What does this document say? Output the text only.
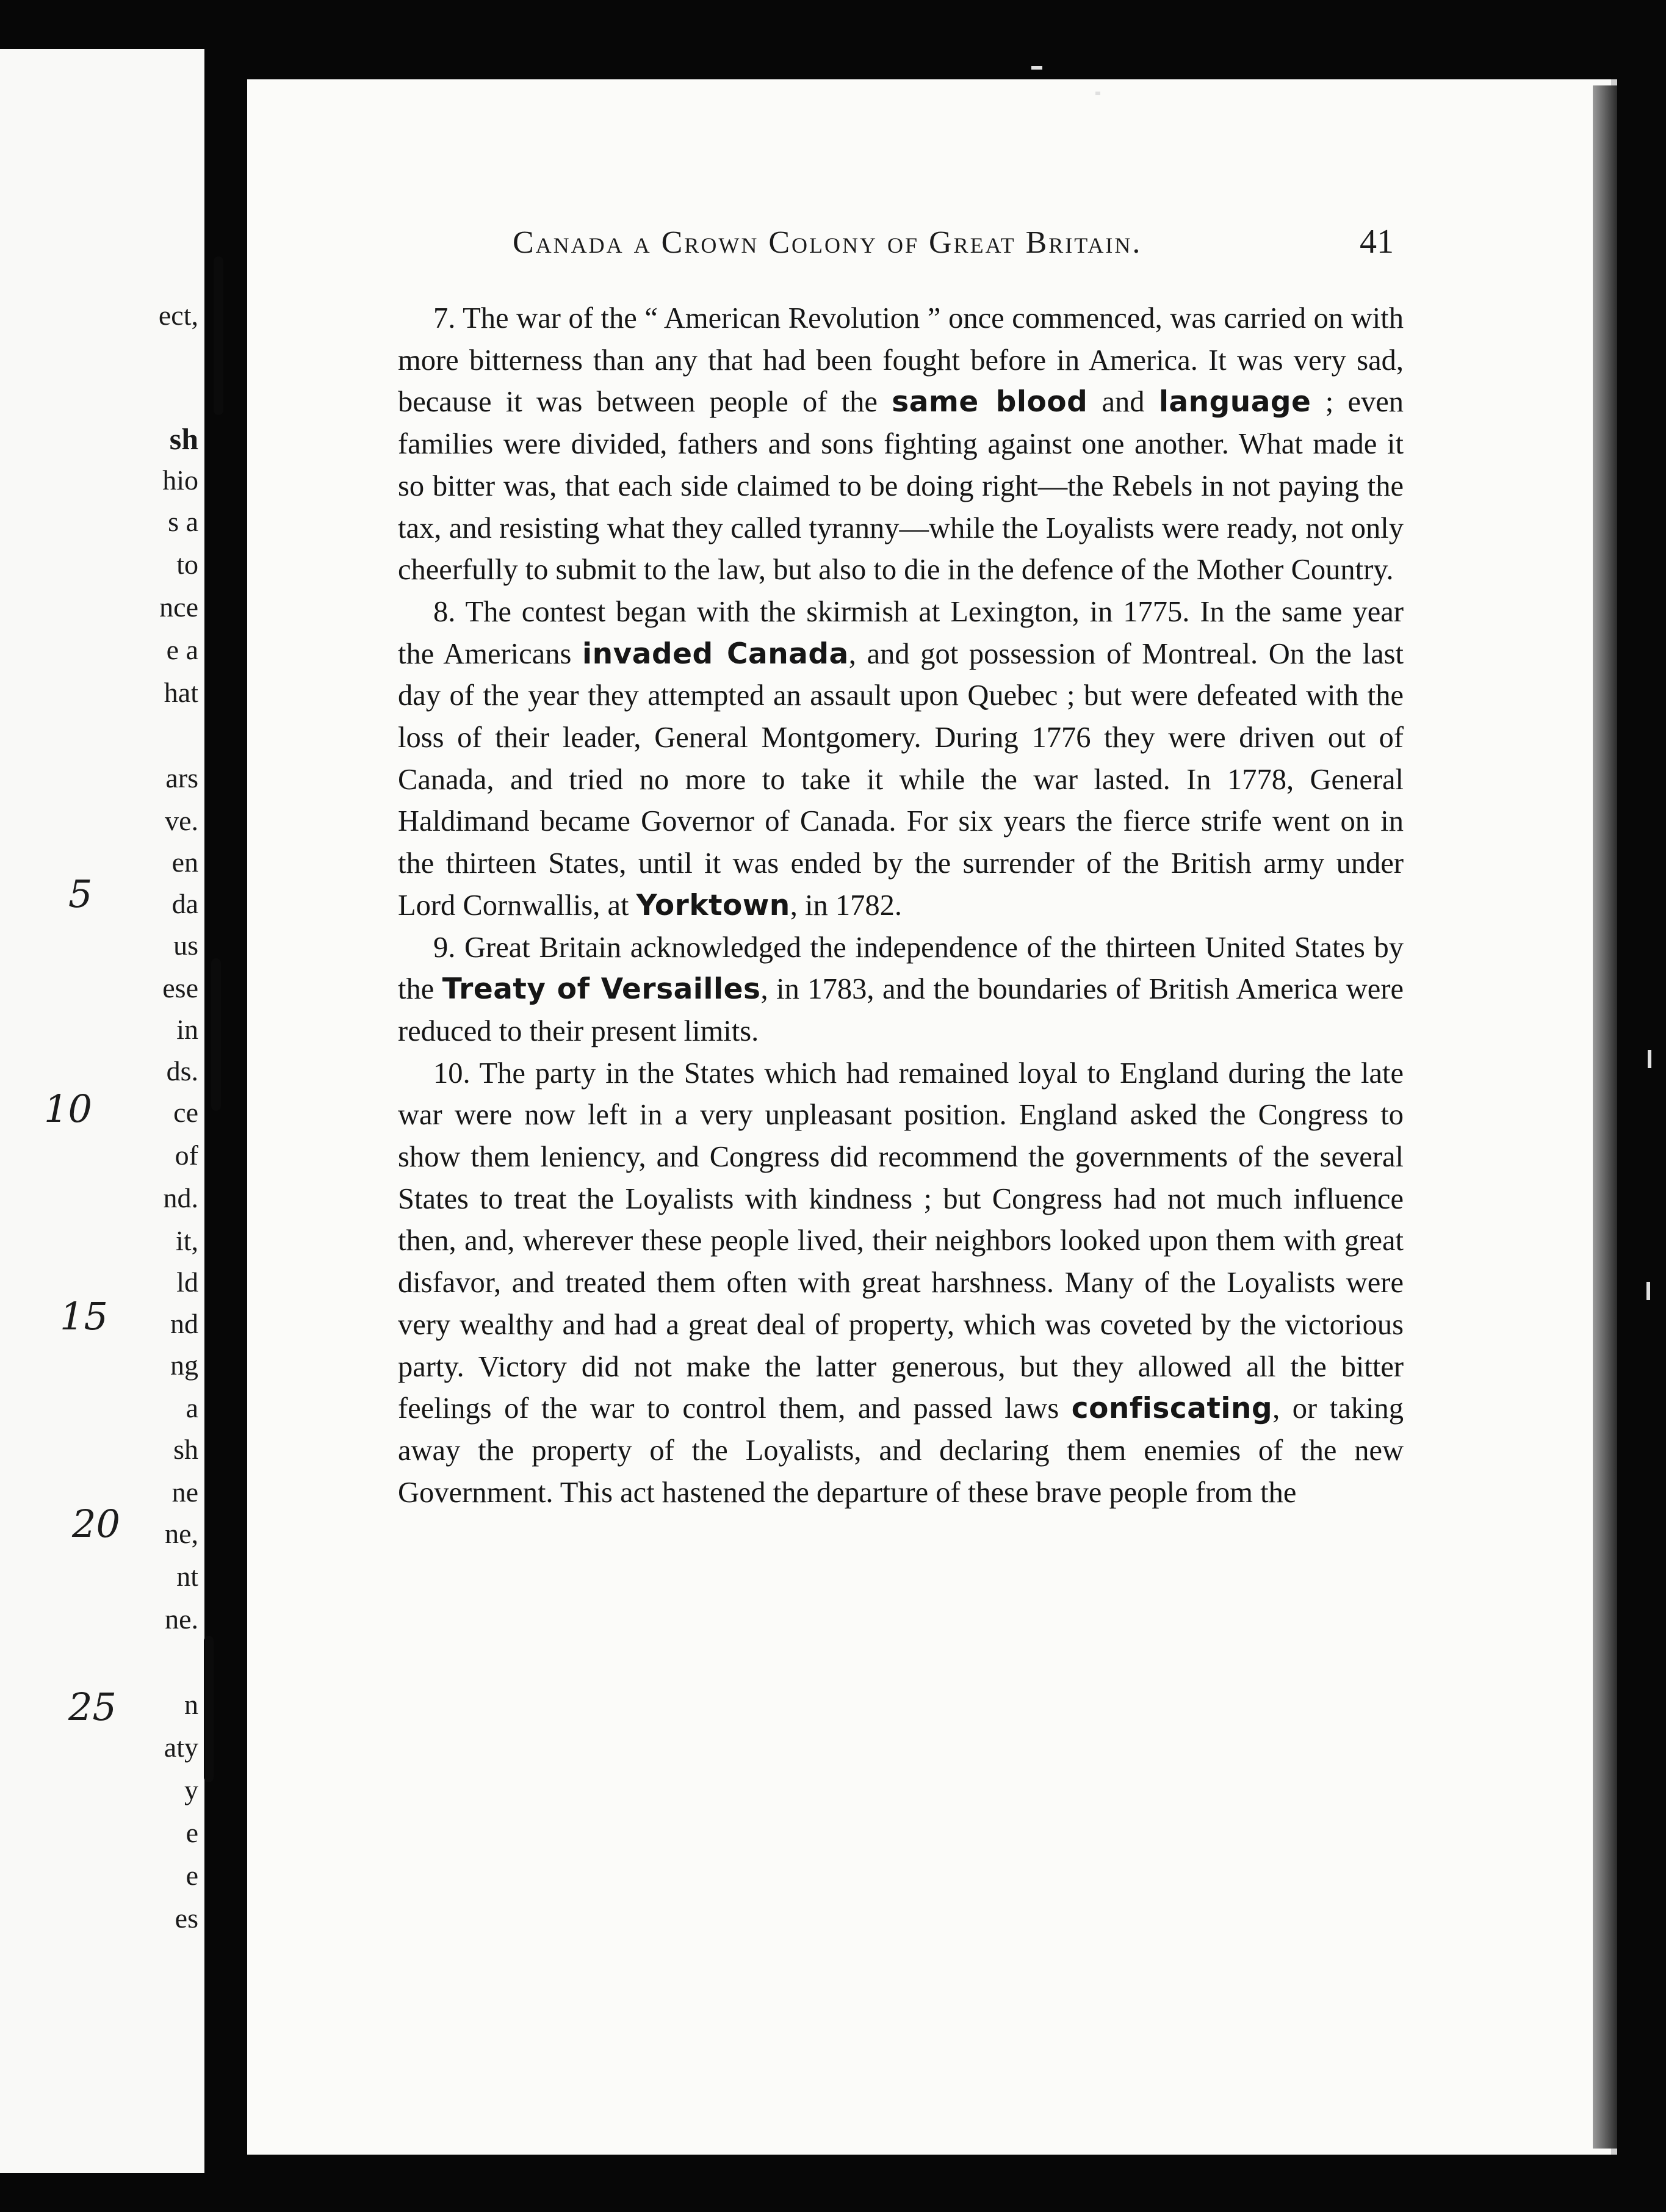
ect,
sh
hio
s a
to
nce
e a
hat
ars
ve.
en
da
us
ese
in
ds.
ce
of
nd.
it,
ld
nd
ng
a
sh
ne
ne,
nt
ne.
n
aty
y
e
e
es
5
10
15
20
25
Canada a Crown Colony of Great Britain.	41

7. The war of the “ American Revolution ” once commenced, was carried on with more bitterness than any that had been fought before in America. It was very sad, because it was between people of the same blood and language ; even families were divided, fathers and sons fighting against one another. What made it so bitter was, that each side claimed to be doing right—the Rebels in not paying the tax, and resisting what they called tyranny—while the Loyalists were ready, not only cheerfully to submit to the law, but also to die in the defence of the Mother Country.

8. The contest began with the skirmish at Lexington, in 1775. In the same year the Americans invaded Canada, and got possession of Montreal. On the last day of the year they attempted an assault upon Quebec ; but were defeated with the loss of their leader, General Montgomery. During 1776 they were driven out of Canada, and tried no more to take it while the war lasted. In 1778, General Haldimand became Governor of Canada. For six years the fierce strife went on in the thirteen States, until it was ended by the surrender of the British army under Lord Cornwallis, at Yorktown, in 1782.

9. Great Britain acknowledged the independence of the thirteen United States by the Treaty of Versailles, in 1783, and the boundaries of British America were reduced to their present limits.

10. The party in the States which had remained loyal to England during the late war were now left in a very unpleasant position. England asked the Congress to show them leniency, and Congress did recommend the governments of the several States to treat the Loyalists with kindness ; but Congress had not much influence then, and, wherever these people lived, their neighbors looked upon them with great disfavor, and treated them often with great harshness. Many of the Loyalists were very wealthy and had a great deal of property, which was coveted by the victorious party. Victory did not make the latter generous, but they allowed all the bitter feelings of the war to control them, and passed laws confiscating, or taking away the property of the Loyalists, and declaring them enemies of the new Government. This act hastened the departure of these brave people from the
